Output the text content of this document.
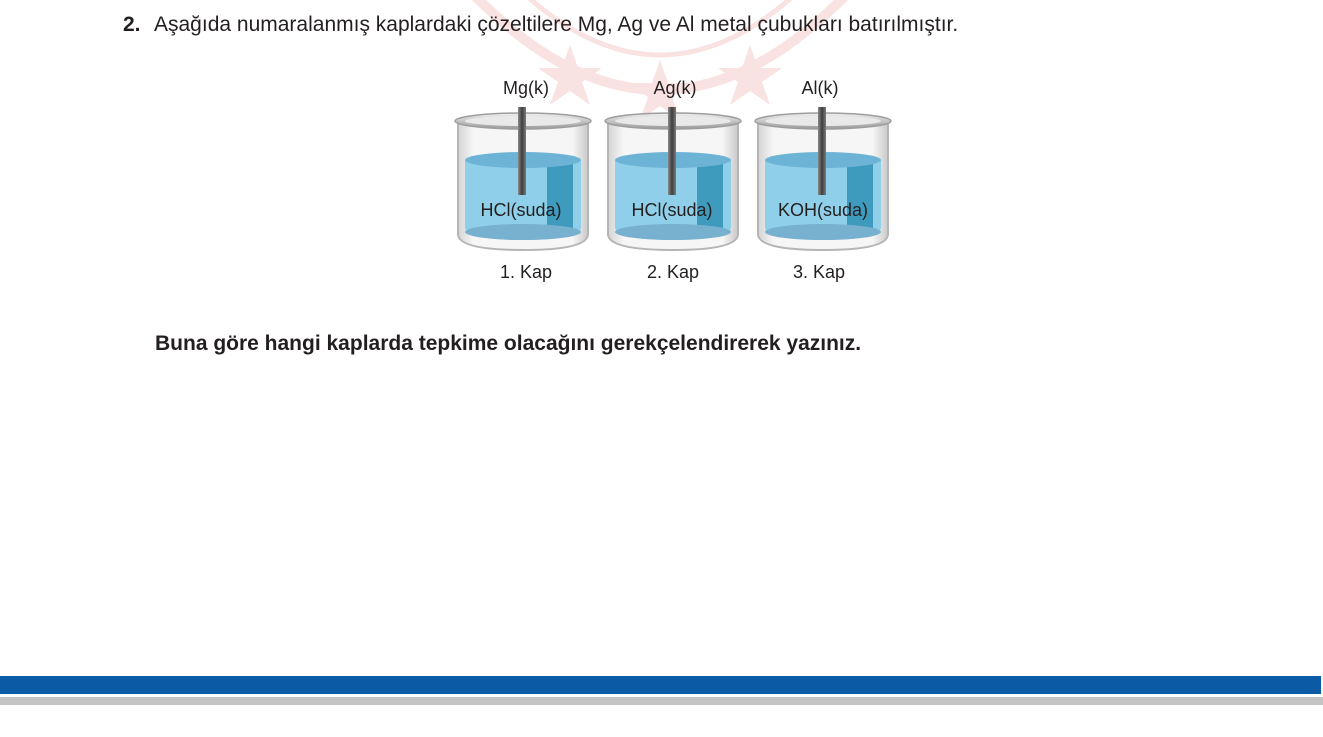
2. Aşağıda numaralanmış kaplardaki çözeltilere Mg, Ag ve Al metal çubukları batırılmıştır.
Mg(k)	Ag(k)	Al(k)
HCl(suda)	HCl(suda)	KOH(suda)
1. Kap	2. Kap	3. Kap
Buna göre hangi kaplarda tepkime olacağını gerekçelendirerek yazınız.
